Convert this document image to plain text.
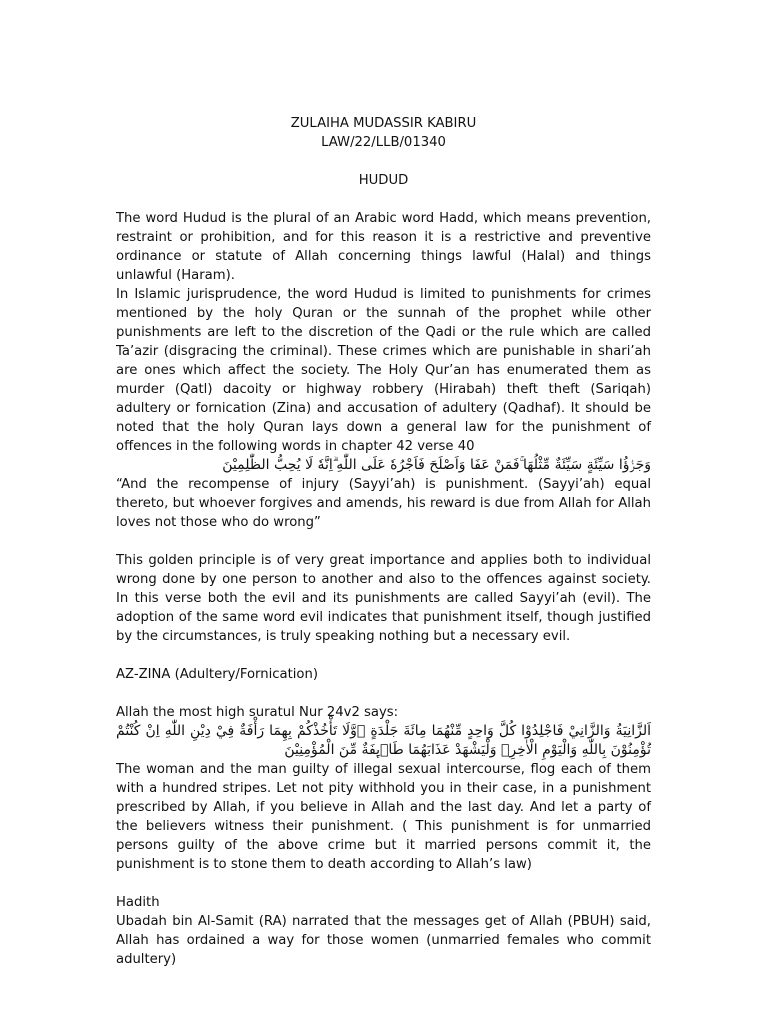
ZULAIHA MUDASSIR KABIRU
LAW/22/LLB/01340
HUDUD

The word Hudud is the plural of an Arabic word Hadd, which means prevention, restraint or prohibition, and for this reason it is a restrictive and preventive ordinance or statute of Allah concerning things lawful (Halal) and things unlawful (Haram).

In Islamic jurisprudence, the word Hudud is limited to punishments for crimes mentioned by the holy Quran or the sunnah of the prophet while other punishments are left to the discretion of the Qadi or the rule which are called Ta’azir (disgracing the criminal). These crimes which are punishable in shari’ah are ones which affect the society. The Holy Qur’an has enumerated them as murder (Qatl) dacoity or highway robbery (Hirabah) theft theft (Sariqah) adultery or fornication (Zina) and accusation of adultery (Qadhaf). It should be noted that the holy Quran lays down a general law for the punishment of offences in the following words in chapter 42 verse 40

وَجَزٰۤؤُا سَيِّئَةٍ سَيِّئَةٌ مِّثْلُهَا ۚفَمَنْ عَفَا وَاَصْلَحَ فَاَجْرُهٗ عَلَى اللّٰهِ ۗاِنَّهٗ لَا يُحِبُّ الظّٰلِمِيْنَ

“And the recompense of injury (Sayyi’ah) is punishment. (Sayyi’ah) equal thereto, but whoever forgives and amends, his reward is due from Allah for Allah loves not those who do wrong”

This golden principle is of very great importance and applies both to individual wrong done by one person to another and also to the offences against society. In this verse both the evil and its punishments are called Sayyi’ah (evil). The adoption of the same word evil indicates that punishment itself, though justified by the circumstances, is truly speaking nothing but a necessary evil.

AZ-ZINA (Adultery/Fornication)

Allah the most high suratul Nur 24v2 says:

اَلزَّانِيَةُ وَالزَّانِيْ فَاجْلِدُوْا كُلَّ وَاحِدٍ مِّنْهُمَا مِائَةَ جَلْدَةٍ ۖوَّلَا تَأْخُذْكُمْ بِهِمَا رَأْفَةٌ فِيْ دِيْنِ اللّٰهِ اِنْ كُنْتُمْ تُؤْمِنُوْنَ بِاللّٰهِ وَالْيَوْمِ الْاٰخِرِۚ وَلْيَشْهَدْ عَذَابَهُمَا طَاۤىِٕفَةٌ مِّنَ الْمُؤْمِنِيْنَ

The woman and the man guilty of illegal sexual intercourse, flog each of them with a hundred stripes. Let not pity withhold you in their case, in a punishment prescribed by Allah, if you believe in Allah and the last day. And let a party of the believers witness their punishment. ( This punishment is for unmarried persons guilty of the above crime but it married persons commit it, the punishment is to stone them to death according to Allah’s law)

Hadith

Ubadah bin Al-Samit (RA) narrated that the messages get of Allah (PBUH) said, Allah has ordained a way for those women (unmarried females who commit adultery)
